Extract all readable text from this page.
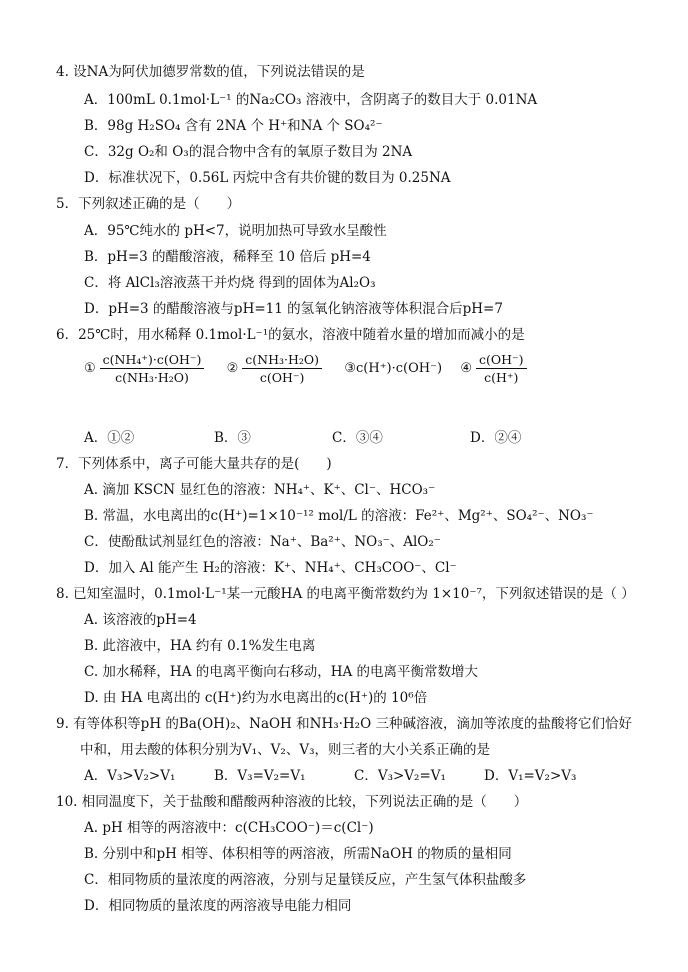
4. 设NA为阿伏加德罗常数的值，下列说法错误的是
A．100mL 0.1mol·L⁻¹ 的Na₂CO₃ 溶液中，含阴离子的数目大于 0.01NA
B．98g H₂SO₄ 含有 2NA 个 H⁺和NA 个 SO₄²⁻
C．32g O₂和 O₃的混合物中含有的氧原子数目为 2NA
D．标准状况下，0.56L 丙烷中含有共价键的数目为 0.25NA
5．下列叙述正确的是（　　）
A．95℃纯水的 pH<7，说明加热可导致水呈酸性
B．pH=3 的醋酸溶液，稀释至 10 倍后 pH=4
C．将 AlCl₃溶液蒸干并灼烧 得到的固体为Al₂O₃
D．pH=3 的醋酸溶液与pH=11 的氢氧化钠溶液等体积混合后pH=7
6．25℃时，用水稀释 0.1mol·L⁻¹的氨水，溶液中随着水量的增加而减小的是
① $\frac{\text{c(NH₄⁺)·c(OH⁻)}}{\text{c(NH₃·H₂O)}}$
② $\frac{\text{c(NH₃·H₂O)}}{c(OH^-)}$
③c(H⁺)·c(OH⁻)
④ $\frac{c(OH^-)}{c(H^+)}$
A．①②	B．③	C．③④	D．②④
7．下列体系中，离子可能大量共存的是(　　)
A. 滴加 KSCN 显红色的溶液：NH₄⁺、K⁺、Cl⁻、HCO₃⁻
B. 常温，水电离出的c(H⁺)=1×10⁻¹² mol/L 的溶液：Fe²⁺、Mg²⁺、SO₄²⁻、NO₃⁻
C．使酚酞试剂显红色的溶液：Na⁺、Ba²⁺、NO₃⁻、AlO₂⁻
D．加入 Al 能产生 H₂的溶液：K⁺、NH₄⁺、CH₃COO⁻、Cl⁻
8. 已知室温时，0.1mol·L⁻¹某一元酸HA 的电离平衡常数约为 1×10⁻⁷，下列叙述错误的是（ ）
A. 该溶液的pH=4
B. 此溶液中，HA 约有 0.1%发生电离
C. 加水稀释，HA 的电离平衡向右移动，HA 的电离平衡常数增大
D. 由 HA 电离出的 c(H⁺)约为水电离出的c(H⁺)的 10⁶倍
9. 有等体积等pH 的Ba(OH)₂、NaOH 和NH₃·H₂O 三种碱溶液，滴加等浓度的盐酸将它们恰好
中和，用去酸的体积分别为V₁、V₂、V₃，则三者的大小关系正确的是
A．V₃>V₂>V₁	B．V₃=V₂=V₁	C．V₃>V₂=V₁	D．V₁=V₂>V₃
10. 相同温度下，关于盐酸和醋酸两种溶液的比较，下列说法正确的是（　　）
A. pH 相等的两溶液中：c(CH₃COO⁻)＝c(Cl⁻)
B. 分别中和pH 相等、体积相等的两溶液，所需NaOH 的物质的量相同
C．相同物质的量浓度的两溶液，分别与足量镁反应，产生氢气体积盐酸多
D．相同物质的量浓度的两溶液导电能力相同
